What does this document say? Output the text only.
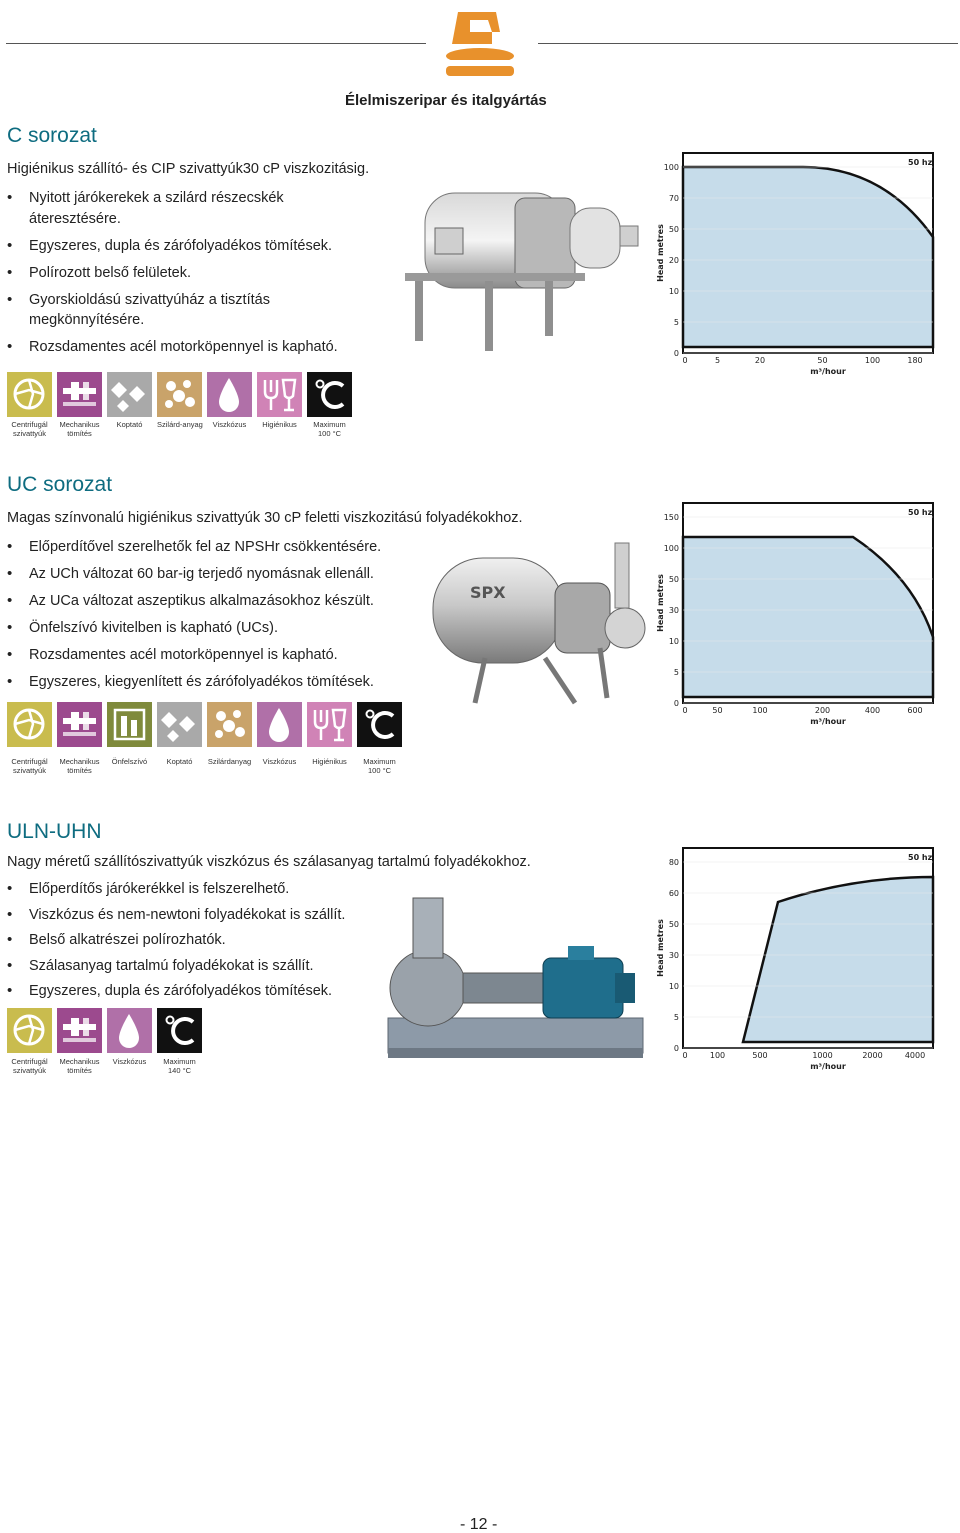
Élelmiszeripar és italgyártás
C sorozat
Higiénikus szállító- és CIP szivattyúk30 cP viszkozitásig.
• Nyitott járókerekek a szilárd részecskék
áteresztésére.
• Egyszeres, dupla és zárófolyadékos tömítések.
• Polírozott belső felületek.
• Gyorskioldású szivattyúház a tisztítás
megkönnyítésére.
• Rozsdamentes acél motorköpennyel is kapható.
100
70
50
20
10
5
0
0	5	20	50	100	180
50 hz
Head metres
m³/hour
Centrifugál
szivattyúk
Mechanikus
tömítés
Koptató	Szilárd-anyag	Viszkózus	Higiénikus	Maximum
100 °C
UC sorozat
Magas színvonalú higiénikus szivattyúk 30 cP feletti viszkozitású folyadékokhoz.
• Előperdítővel szerelhetők fel az NPSHr csökkentésére.
• Az UCh változat 60 bar-ig terjedő nyomásnak ellenáll.
• Az UCa változat aszeptikus alkalmazásokhoz készült.
• Önfelszívó kivitelben is kapható (UCs).
• Rozsdamentes acél motorköpennyel is kapható.
• Egyszeres, kiegyenlített és zárófolyadékos tömítések.
SPX
150
100
50
30
10
5
0
0	50	100	200	400	600
50 hz
Head metres
m³/hour
Centrifugál
szivattyúk
Mechanikus
tömítés
Önfelszívó	Koptató	Szilárdanyag	Viszkózus	Higiénikus	Maximum
100 °C
ULN-UHN
Nagy méretű szállítószivattyúk viszkózus és szálasanyag tartalmú folyadékokhoz.
• Előperdítős járókerékkel is felszerelhető.
• Viszkózus és nem-newtoni folyadékokat is szállít.
• Belső alkatrészei polírozhatók.
• Szálasanyag tartalmú folyadékokat is szállít.
• Egyszeres, dupla és zárófolyadékos tömítések.
80
60
50
30
10
5
0
0	100	500	1000	2000	4000
50 hz
Head metres
m³/hour
Centrifugál
szivattyúk
Mechanikus
tömítés
Viszkózus	Maximum
140 °C
- 12 -
